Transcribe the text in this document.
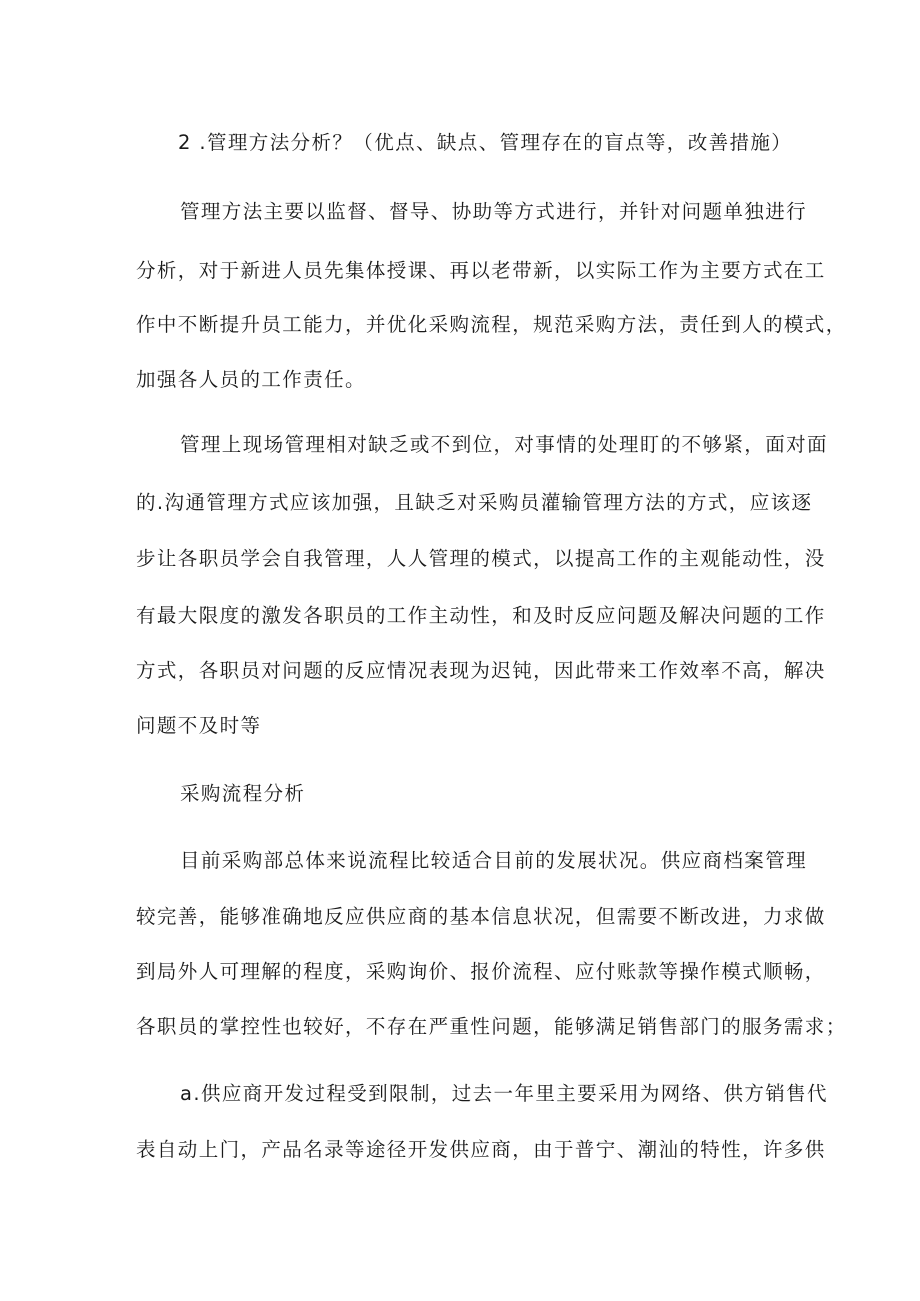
2 .管理方法分析？（优点、缺点、管理存在的盲点等，改善措施）
管理方法主要以监督、督导、协助等方式进行，并针对问题单独进行
分析，对于新进人员先集体授课、再以老带新，以实际工作为主要方式在工
作中不断提升员工能力，并优化采购流程，规范采购方法，责任到人的模式，
加强各人员的工作责任。
管理上现场管理相对缺乏或不到位，对事情的处理盯的不够紧，面对面
的.沟通管理方式应该加强，且缺乏对采购员灌输管理方法的方式，应该逐
步让各职员学会自我管理，人人管理的模式，以提高工作的主观能动性，没
有最大限度的激发各职员的工作主动性，和及时反应问题及解决问题的工作
方式，各职员对问题的反应情况表现为迟钝，因此带来工作效率不高，解决
问题不及时等
采购流程分析
目前采购部总体来说流程比较适合目前的发展状况。供应商档案管理
较完善，能够准确地反应供应商的基本信息状况，但需要不断改进，力求做
到局外人可理解的程度，采购询价、报价流程、应付账款等操作模式顺畅，
各职员的掌控性也较好，不存在严重性问题，能够满足销售部门的服务需求；
a.供应商开发过程受到限制，过去一年里主要采用为网络、供方销售代
表自动上门，产品名录等途径开发供应商，由于普宁、潮汕的特性，许多供
